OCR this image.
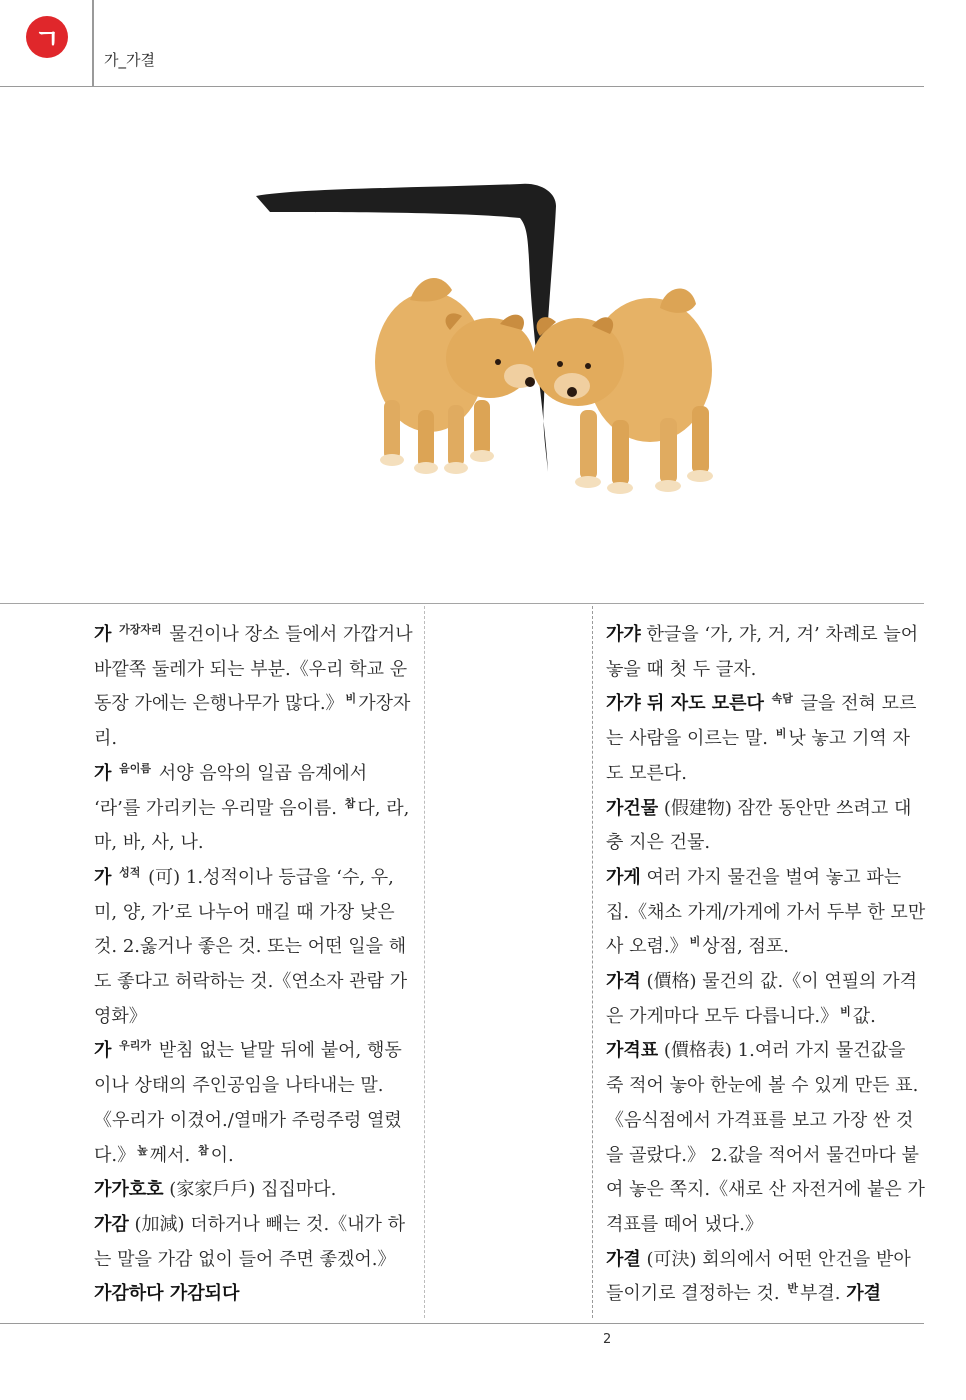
ㄱ
가_가결
가 $^{가장자리}$ 물건이나 장소 들에서 가깝거나 바깥쪽 둘레가 되는 부분.《우리 학교 운동장 가에는 은행나무가 많다.》 $^비$ 가장자리.
가 $^{음이름}$ 서양 음악의 일곱 음계에서 ‘라’를 가리키는 우리말 음이름. $^참$ 다, 라, 마, 바, 사, 나.
가 $^{성적}$ (可) 1.성적이나 등급을 ‘수, 우, 미, 양, 가’로 나누어 매길 때 가장 낮은 것. 2.옳거나 좋은 것. 또는 어떤 일을 해도 좋다고 허락하는 것.《연소자 관람 가 영화》
가 $^{우리가}$ 받침 없는 낱말 뒤에 붙어, 행동이나 상태의 주인공임을 나타내는 말.《우리가 이겼어./열매가 주렁주렁 열렸다.》 $^높$ 께서. $^참$ 이.
가가호호 (家家戶戶) 집집마다.
가감 (加減) 더하거나 빼는 것.《내가 하는 말을 가감 없이 들어 주면 좋겠어.》 가감하다 가감되다
가갸 한글을 ‘가, 갸, 거, 겨’ 차례로 늘어놓을 때 첫 두 글자.
가갸 뒤 자도 모른다 $^{속담}$ 글을 전혀 모르는 사람을 이르는 말. $^비$ 낫 놓고 기역 자도 모른다.
가건물 (假建物) 잠깐 동안만 쓰려고 대충 지은 건물.
가게 여러 가지 물건을 벌여 놓고 파는 집.《채소 가게/가게에 가서 두부 한 모만 사 오렴.》 $^비$ 상점, 점포.
가격 (價格) 물건의 값.《이 연필의 가격은 가게마다 모두 다릅니다.》 $^비$ 값.
가격표 (價格表) 1.여러 가지 물건값을 죽 적어 놓아 한눈에 볼 수 있게 만든 표.《음식점에서 가격표를 보고 가장 싼 것을 골랐다.》 2.값을 적어서 물건마다 붙여 놓은 쪽지.《새로 산 자전거에 붙은 가격표를 떼어 냈다.》
가결 (可決) 회의에서 어떤 안건을 받아들이기로 결정하는 것. $^반$ 부결. 가결
2
